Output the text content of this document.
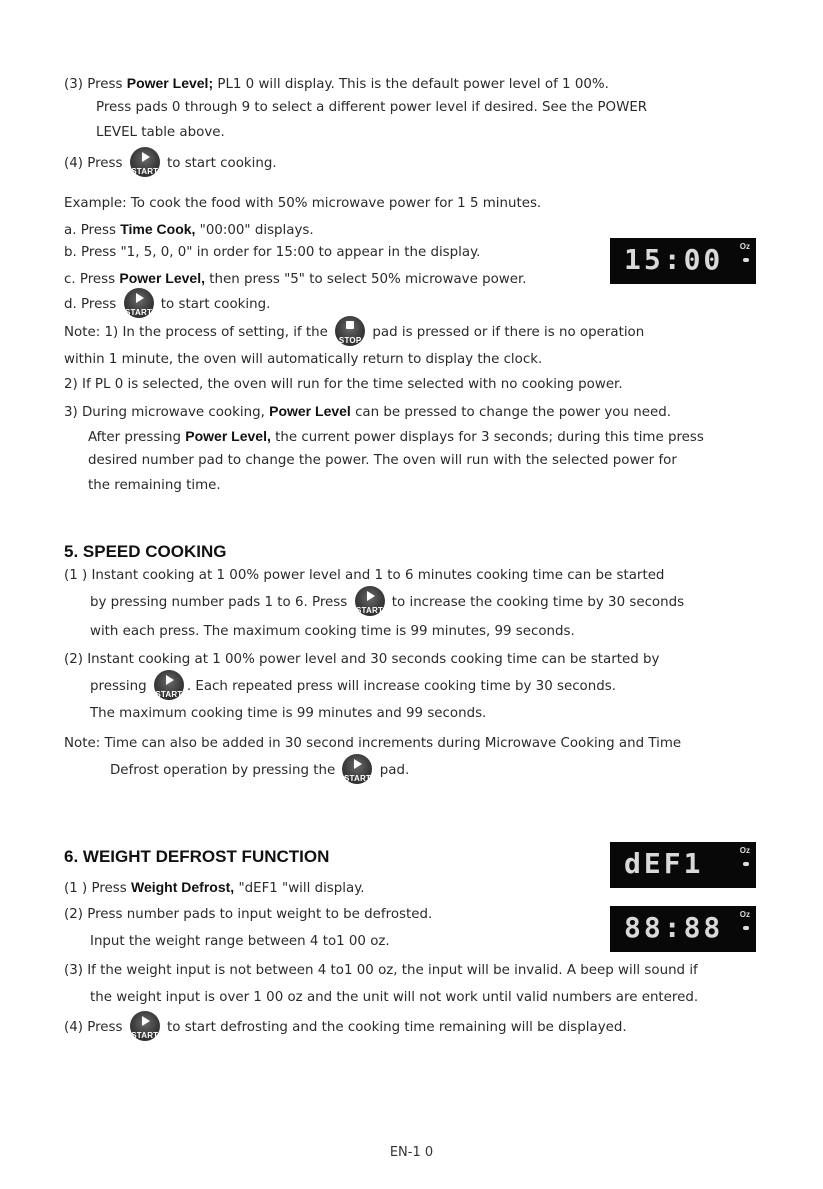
(3) Press Power Level; PL1 0 will display. This is the default power level of 1 00%.
Press pads 0 through 9 to select a different power level if desired. See the POWER
LEVEL table above.
(4) Press
START
to start cooking.
Example: To cook the food with 50% microwave power for 1 5 minutes.
a. Press Time Cook, "00:00" displays.
b. Press "1, 5, 0, 0" in order for 15:00 to appear in the display.
c. Press Power Level, then press "5" to select 50% microwave power.
d. Press
START
to start cooking.
15:00 Oz
Note: 1) In the process of setting, if the
STOP
pad is pressed or if there is no operation
within 1 minute, the oven will automatically return to display the clock.
2) If PL 0 is selected, the oven will run for the time selected with no cooking power.
3) During microwave cooking, Power Level can be pressed to change the power you need.
After pressing Power Level, the current power displays for 3 seconds; during this time press
desired number pad to change the power. The oven will run with the selected power for
the remaining time.
5. SPEED COOKING
(1 ) Instant cooking at 1 00% power level and 1 to 6 minutes cooking time can be started
by pressing number pads 1 to 6. Press
START
to increase the cooking time by 30 seconds
with each press. The maximum cooking time is 99 minutes, 99 seconds.
(2) Instant cooking at 1 00% power level and 30 seconds cooking time can be started by
pressing
START
. Each repeated press will increase cooking time by 30 seconds.
The maximum cooking time is 99 minutes and 99 seconds.
Note: Time can also be added in 30 second increments during Microwave Cooking and Time
Defrost operation by pressing the
START
pad.
6. WEIGHT DEFROST FUNCTION
(1 ) Press Weight Defrost, "dEF1 "will display.
(2) Press number pads to input weight to be defrosted.
Input the weight range between 4 to1 00 oz.
(3) If the weight input is not between 4 to1 00 oz, the input will be invalid. A beep will sound if
the weight input is over 1 00 oz and the unit will not work until valid numbers are entered.
(4) Press
START
to start defrosting and the cooking time remaining will be displayed.
dEF1	Oz
88:88 Oz
EN-1 0
